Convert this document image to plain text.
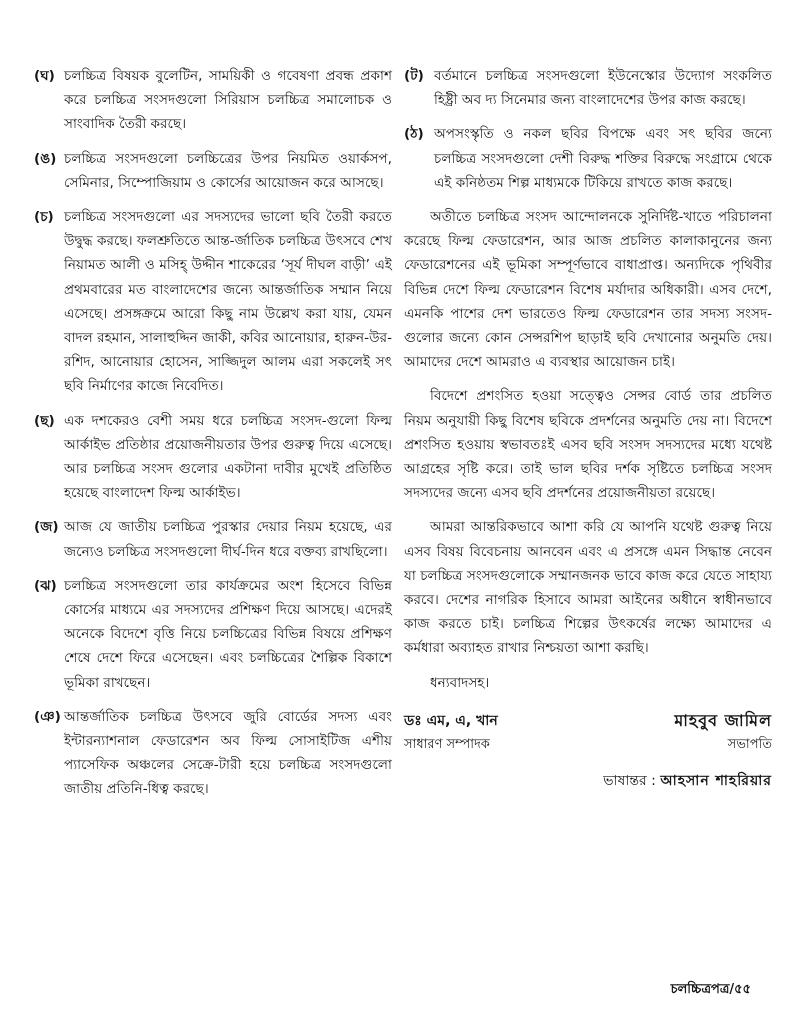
(ঘ) চলচ্চিত্র বিষয়ক বুলেটিন, সাময়িকী ও গবেষণা প্রবন্ধ প্রকাশ করে চলচ্চিত্র সংসদগুলো সিরিয়াস চলচ্চিত্র সমালোচক ও সাংবাদিক তৈরী করছে।
(ঙ) চলচ্চিত্র সংসদগুলো চলচ্চিত্রের উপর নিয়মিত ওয়ার্কসপ, সেমিনার, সিম্পোজিয়াম ও কোর্সের আয়োজন করে আসছে।
(চ) চলচ্চিত্র সংসদগুলো এর সদস্যদের ভালো ছবি তৈরী করতে উদ্বুদ্ধ করছে। ফলশ্রুতিতে আন্ত-র্জাতিক চলচ্চিত্র উৎসবে শেখ নিয়ামত আলী ও মসিহ্ উদ্দীন শাকেরের ‘সূর্য দীঘল বাড়ী’ এই প্রথমবারের মত বাংলাদেশের জন্যে আন্তর্জাতিক সম্মান নিয়ে এসেছে। প্রসঙ্গক্রমে আরো কিছু নাম উল্লেখ করা যায়, যেমন বাদল রহমান, সালাহুদ্দিন জাকী, কবির আনোয়ার, হারুন-উর-রশিদ, আনোয়ার হোসেন, সাজ্জিদুল আলম এরা সকলেই সৎ ছবি নির্মাণের কাজে নিবেদিত।
(ছ) এক দশকেরও বেশী সময় ধরে চলচ্চিত্র সংসদ-গুলো ফিল্ম আর্কাইভ প্রতিষ্ঠার প্রয়োজনীয়তার উপর গুরুত্ব দিয়ে এসেছে। আর চলচ্চিত্র সংসদ গুলোর একটানা দাবীর মুখেই প্রতিষ্ঠিত হয়েছে বাংলাদেশ ফিল্ম আর্কাইভ।
(জ) আজ যে জাতীয় চলচ্চিত্র পুরস্কার দেয়ার নিয়ম হয়েছে, এর জন্যেও চলচ্চিত্র সংসদগুলো দীর্ঘ-দিন ধরে বক্তব্য রাখছিলো।
(ঝ) চলচ্চিত্র সংসদগুলো তার কার্যক্রমের অংশ হিসেবে বিভিন্ন কোর্সের মাধ্যমে এর সদস্যদের প্রশিক্ষণ দিয়ে আসছে। এদেরই অনেকে বিদেশে বৃত্তি নিয়ে চলচ্চিত্রের বিভিন্ন বিষয়ে প্রশিক্ষণ শেষে দেশে ফিরে এসেছেন। এবং চলচ্চিত্রের শৈল্পিক বিকাশে ভূমিকা রাখছেন।
(ঞ) আন্তর্জাতিক চলচ্চিত্র উৎসবে জুরি বোর্ডের সদস্য এবং ইন্টারন্যাশনাল ফেডারেশন অব ফিল্ম সোসাইটিজ এশীয় প্যাসেফিক অঞ্চলের সেক্রে-টারী হয়ে চলচ্চিত্র সংসদগুলো জাতীয় প্রতিনি-ধিত্ব করছে।
(ট) বর্তমানে চলচ্চিত্র সংসদগুলো ইউনেস্কোর উদ্যোগ সংকলিত হিষ্ট্রী অব দ্য সিনেমার জন্য বাংলাদেশের উপর কাজ করছে।
(ঠ) অপসংস্কৃতি ও নকল ছবির বিপক্ষে এবং সৎ ছবির জন্যে চলচ্চিত্র সংসদগুলো দেশী বিরুদ্ধ শক্তির বিরুদ্ধে সংগ্রামে থেকে এই কনিষ্ঠতম শিল্প মাধ্যমকে টিকিয়ে রাখতে কাজ করছে।

অতীতে চলচ্চিত্র সংসদ আন্দোলনকে সুনির্দিষ্ট-খাতে পরিচালনা করেছে ফিল্ম ফেডারেশন, আর আজ প্রচলিত কালাকানুনের জন্য ফেডারেশনের এই ভূমিকা সম্পূর্ণভাবে বাধাপ্রাপ্ত। অন্যদিকে পৃথিবীর বিভিন্ন দেশে ফিল্ম ফেডারেশন বিশেষ মর্যাদার অধিকারী। এসব দেশে, এমনকি পাশের দেশ ভারতেও ফিল্ম ফেডারেশন তার সদস্য সংসদ-গুলোর জন্যে কোন সেন্সরশিপ ছাড়াই ছবি দেখানোর অনুমতি দেয়। আমাদের দেশে আমরাও এ ব্যবস্থার আয়োজন চাই।

বিদেশে প্রশংসিত হওয়া সত্ত্বেও সেন্সর বোর্ড তার প্রচলিত নিয়ম অনুযায়ী কিছু বিশেষ ছবিকে প্রদর্শনের অনুমতি দেয় না। বিদেশে প্রশংসিত হওয়ায় স্বভাবতঃই এসব ছবি সংসদ সদস্যদের মধ্যে যথেষ্ট আগ্রহের সৃষ্টি করে। তাই ভাল ছবির দর্শক সৃষ্টিতে চলচ্চিত্র সংসদ সদস্যদের জন্যে এসব ছবি প্রদর্শনের প্রয়োজনীয়তা রয়েছে।

আমরা আন্তরিকভাবে আশা করি যে আপনি যথেষ্ট গুরুত্ব নিয়ে এসব বিষয় বিবেচনায় আনবেন এবং এ প্রসঙ্গে এমন সিদ্ধান্ত নেবেন যা চলচ্চিত্র সংসদগুলোকে সম্মানজনক ভাবে কাজ করে যেতে সাহায্য করবে। দেশের নাগরিক হিসাবে আমরা আইনের অধীনে স্বাধীনভাবে কাজ করতে চাই। চলচ্চিত্র শিল্পের উৎকর্ষের লক্ষ্যে আমাদের এ কর্মধারা অব্যাহত রাখার নিশ্চয়তা আশা করছি।

ধন্যবাদসহ।
ডঃ এম, এ, খান
সাধারণ সম্পাদক
মাহবুব জামিল
সভাপতি
ভাষান্তর : আহসান শাহরিয়ার
চলচ্চিত্রপত্র/৫৫
